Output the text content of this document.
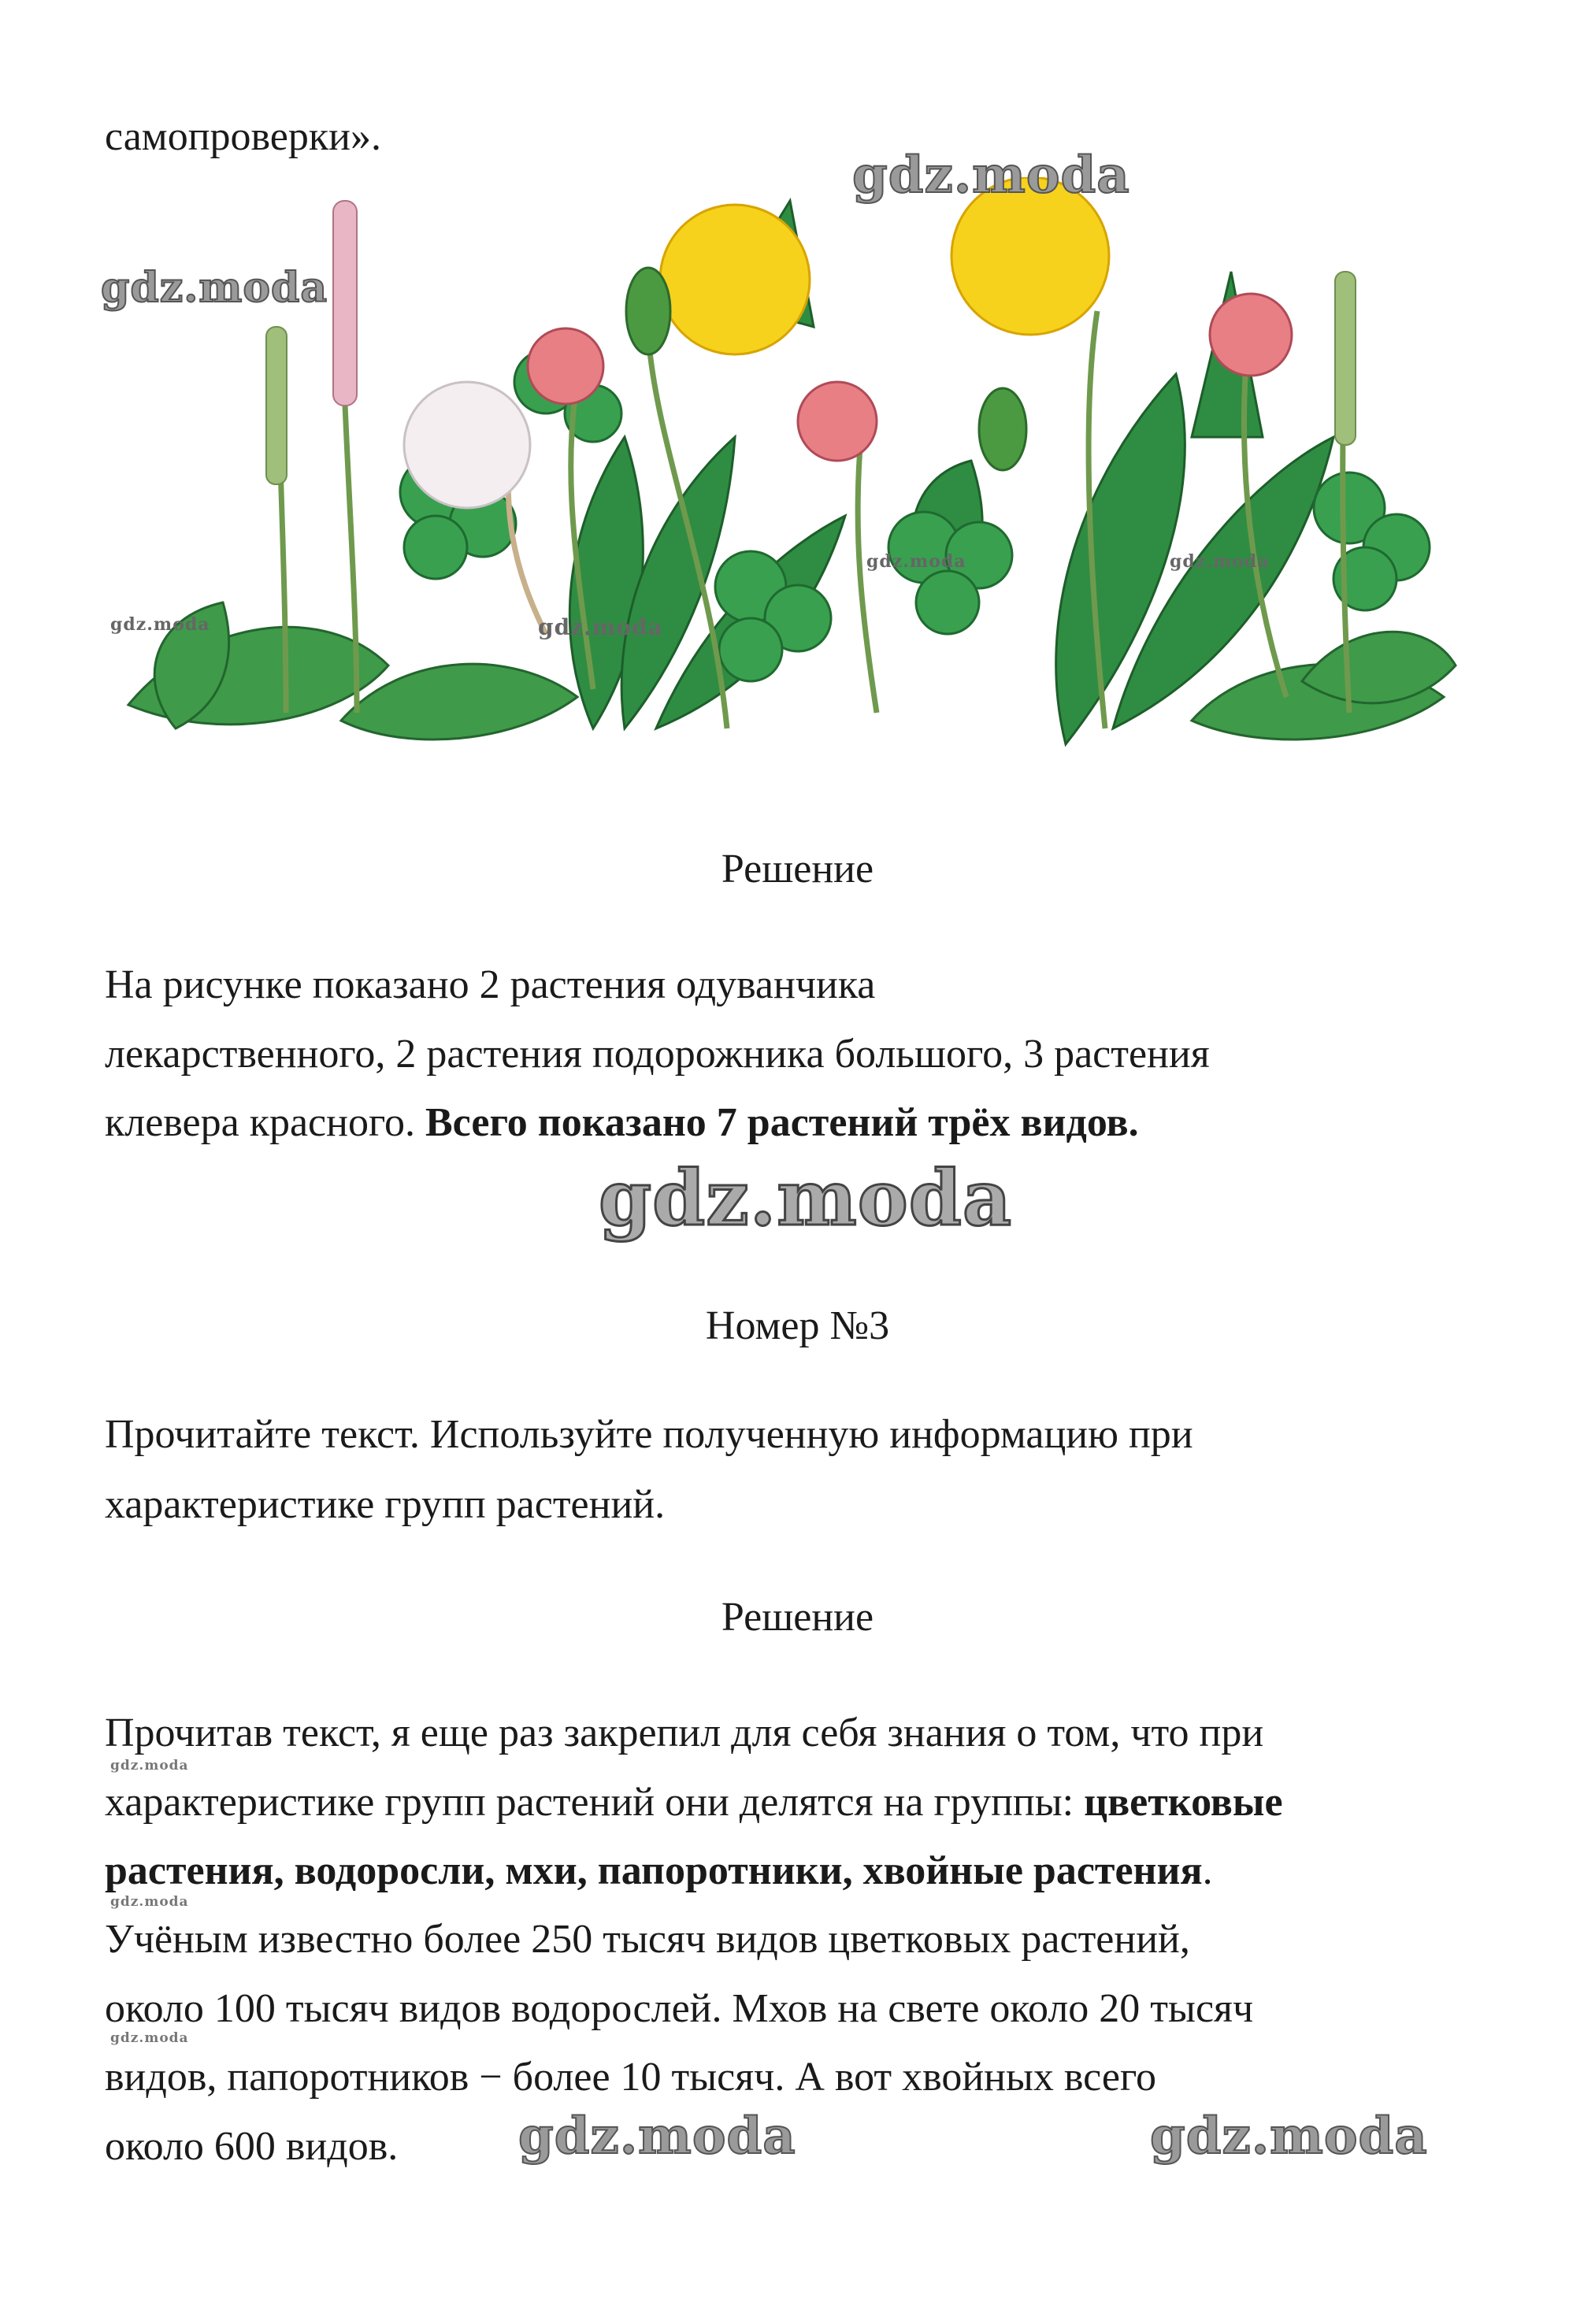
самопроверки».
gdz.moda
gdz.moda
gdz.moda	gdz.moda
gdz.moda	gdz.moda
Решение
На рисунке показано 2 растения одуванчика
лекарственного, 2 растения подорожника большого, 3 растения
клевера красного. Всего показано 7 растений трёх видов.
gdz.moda
Номер №3
Прочитайте текст. Используйте полученную информацию при
характеристике групп растений.
Решение
Прочитав текст, я еще раз закрепил для себя знания о том, что при
gdz.moda
характеристике групп растений они делятся на группы: цветковые
растения, водоросли, мхи, папоротники, хвойные растения.
gdz.moda
Учёным известно более 250 тысяч видов цветковых растений,
около 100 тысяч видов водорослей. Мхов на свете около 20 тысяч
gdz.moda
видов, папоротников − более 10 тысяч. А вот хвойных всего
около 600 видов. gdz.moda	gdz.moda
